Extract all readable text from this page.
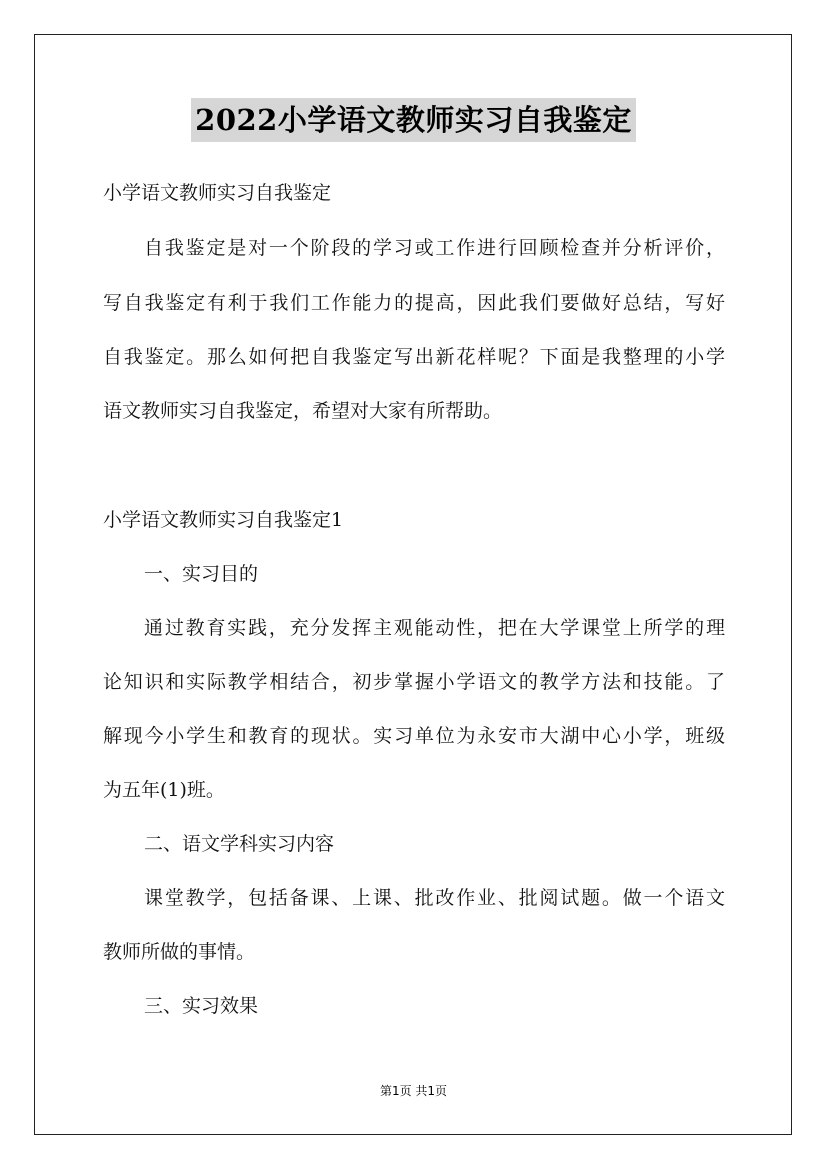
2022小学语文教师实习自我鉴定

小学语文教师实习自我鉴定

自我鉴定是对一个阶段的学习或工作进行回顾检查并分析评价，

写自我鉴定有利于我们工作能力的提高，因此我们要做好总结，写好

自我鉴定。那么如何把自我鉴定写出新花样呢？下面是我整理的小学

语文教师实习自我鉴定，希望对大家有所帮助。

小学语文教师实习自我鉴定1

一、实习目的

通过教育实践，充分发挥主观能动性，把在大学课堂上所学的理

论知识和实际教学相结合，初步掌握小学语文的教学方法和技能。了

解现今小学生和教育的现状。实习单位为永安市大湖中心小学，班级

为五年(1)班。

二、语文学科实习内容

课堂教学，包括备课、上课、批改作业、批阅试题。做一个语文

教师所做的事情。

三、实习效果

第1页 共1页
